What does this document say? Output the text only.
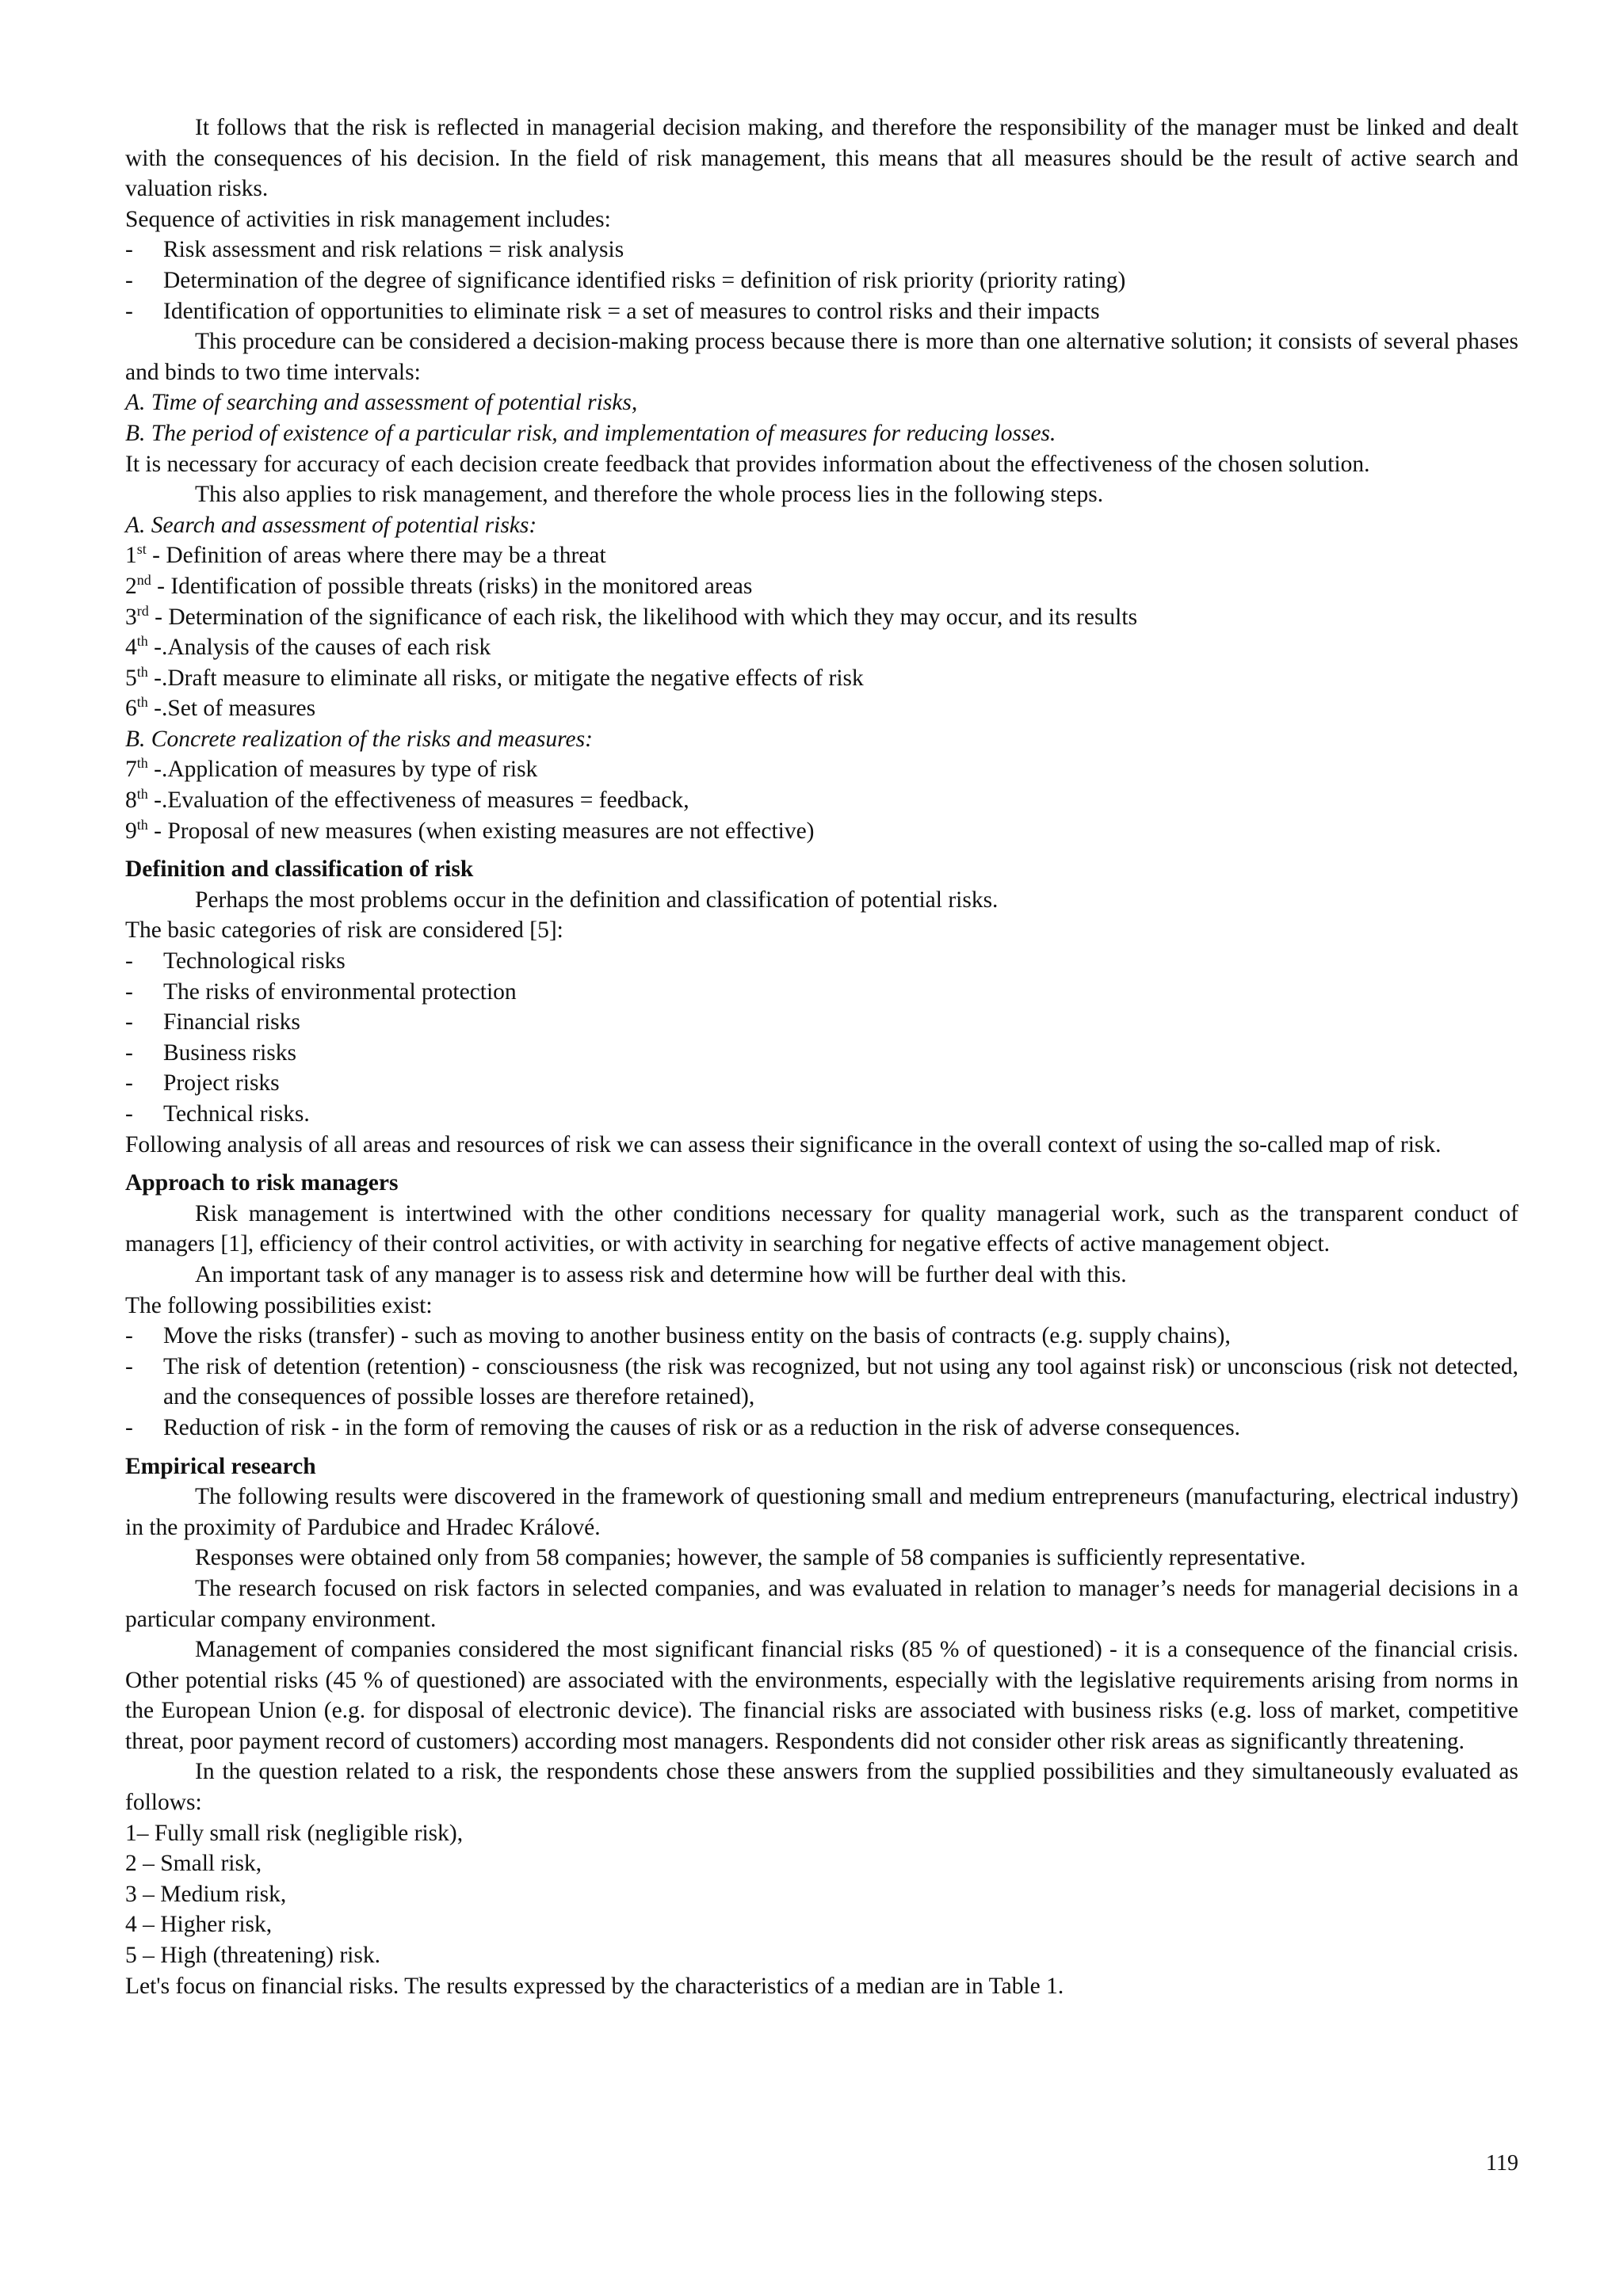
It follows that the risk is reflected in managerial decision making, and therefore the responsibility of the manager must be linked and dealt with the consequences of his decision. In the field of risk management, this means that all measures should be the result of active search and valuation risks.

Sequence of activities in risk management includes:

- Risk assessment and risk relations = risk analysis
- Determination of the degree of significance identified risks = definition of risk priority (priority rating)
- Identification of opportunities to eliminate risk = a set of measures to control risks and their impacts

This procedure can be considered a decision-making process because there is more than one alternative solution; it consists of several phases and binds to two time intervals:

A. Time of searching and assessment of potential risks,

B. The period of existence of a particular risk, and implementation of measures for reducing losses.

It is necessary for accuracy of each decision create feedback that provides information about the effectiveness of the chosen solution.

This also applies to risk management, and therefore the whole process lies in the following steps.

A. Search and assessment of potential risks:

1st - Definition of areas where there may be a threat
2nd - Identification of possible threats (risks) in the monitored areas
3rd - Determination of the significance of each risk, the likelihood with which they may occur, and its results
4th -.Analysis of the causes of each risk
5th -.Draft measure to eliminate all risks, or mitigate the negative effects of risk
6th -.Set of measures

B. Concrete realization of the risks and measures:

7th -.Application of measures by type of risk
8th -.Evaluation of the effectiveness of measures = feedback,
9th - Proposal of new measures (when existing measures are not effective)

Definition and classification of risk

Perhaps the most problems occur in the definition and classification of potential risks.

The basic categories of risk are considered [5]:

- Technological risks
- The risks of environmental protection
- Financial risks
- Business risks
- Project risks
- Technical risks.

Following analysis of all areas and resources of risk we can assess their significance in the overall context of using the so-called map of risk.

Approach to risk managers

Risk management is intertwined with the other conditions necessary for quality managerial work, such as the transparent conduct of managers [1], efficiency of their control activities, or with activity in searching for negative effects of active management object.

An important task of any manager is to assess risk and determine how will be further deal with this.

The following possibilities exist:

- Move the risks (transfer) - such as moving to another business entity on the basis of contracts (e.g. supply chains),
- The risk of detention (retention) - consciousness (the risk was recognized, but not using any tool against risk) or unconscious (risk not detected, and the consequences of possible losses are therefore retained),
- Reduction of risk - in the form of removing the causes of risk or as a reduction in the risk of adverse consequences.

Empirical research

The following results were discovered in the framework of questioning small and medium entrepreneurs (manufacturing, electrical industry) in the proximity of Pardubice and Hradec Králové.

Responses were obtained only from 58 companies; however, the sample of 58 companies is sufficiently representative.

The research focused on risk factors in selected companies, and was evaluated in relation to manager’s needs for managerial decisions in a particular company environment.

Management of companies considered the most significant financial risks (85 % of questioned) - it is a consequence of the financial crisis. Other potential risks (45 % of questioned) are associated with the environments, especially with the legislative requirements arising from norms in the European Union (e.g. for disposal of electronic device). The financial risks are associated with business risks (e.g. loss of market, competitive threat, poor payment record of customers) according most managers. Respondents did not consider other risk areas as significantly threatening.

In the question related to a risk, the respondents chose these answers from the supplied possibilities and they simultaneously evaluated as follows:

1– Fully small risk (negligible risk),
2 – Small risk,
3 – Medium risk,
4 – Higher risk,
5 – High (threatening) risk.

Let's focus on financial risks. The results expressed by the characteristics of a median are in Table 1.

119
